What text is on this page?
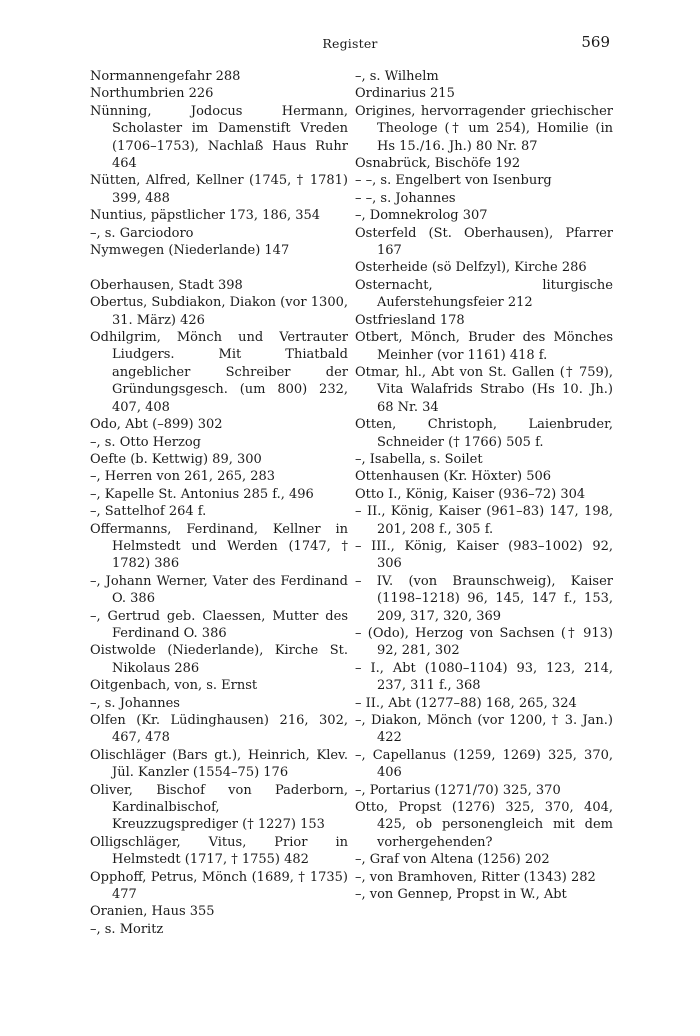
Register	569

Normannengefahr 288

Northumbrien 226

Nünning, Jodocus Hermann, Scholaster im Damenstift Vreden (1706–1753), Nachlaß Haus Ruhr 464

Nütten, Alfred, Kellner (1745, † 1781) 399, 488

Nuntius, päpstlicher 173, 186, 354

–, s. Garciodoro

Nymwegen (Niederlande) 147

Oberhausen, Stadt 398

Obertus, Subdiakon, Diakon (vor 1300, 31. März) 426

Odhilgrim, Mönch und Vertrauter Liudgers. Mit Thiatbald angeblicher Schreiber der Gründungsgesch. (um 800) 232, 407, 408

Odo, Abt (–899) 302

–, s. Otto Herzog

Oefte (b. Kettwig) 89, 300

–, Herren von 261, 265, 283

–, Kapelle St. Antonius 285 f., 496

–, Sattelhof 264 f.

Offermanns, Ferdinand, Kellner in Helmstedt und Werden (1747, † 1782) 386

–, Johann Werner, Vater des Ferdinand O. 386

–, Gertrud geb. Claessen, Mutter des Ferdinand O. 386

Oistwolde (Niederlande), Kirche St. Nikolaus 286

Oitgenbach, von, s. Ernst

–, s. Johannes

Olfen (Kr. Lüdinghausen) 216, 302, 467, 478

Olischläger (Bars gt.), Heinrich, Klev. Jül. Kanzler (1554–75) 176

Oliver, Bischof von Paderborn, Kardinalbischof, Kreuzzugsprediger († 1227) 153

Olligschläger, Vitus, Prior in Helmstedt (1717, † 1755) 482

Opphoff, Petrus, Mönch (1689, † 1735) 477

Oranien, Haus 355

–, s. Moritz

–, s. Wilhelm

Ordinarius 215

Origines, hervorragender griechischer Theologe († um 254), Homilie (in Hs 15./16. Jh.) 80 Nr. 87

Osnabrück, Bischöfe 192

– –, s. Engelbert von Isenburg

– –, s. Johannes

–, Domnekrolog 307

Osterfeld (St. Oberhausen), Pfarrer 167

Osterheide (sö Delfzyl), Kirche 286

Osternacht, liturgische Auferstehungsfeier 212

Ostfriesland 178

Otbert, Mönch, Bruder des Mönches Meinher (vor 1161) 418 f.

Otmar, hl., Abt von St. Gallen († 759), Vita Walafrids Strabo (Hs 10. Jh.) 68 Nr. 34

Otten, Christoph, Laienbruder, Schneider († 1766) 505 f.

–, Isabella, s. Soilet

Ottenhausen (Kr. Höxter) 506

Otto I., König, Kaiser (936–72) 304

– II., König, Kaiser (961–83) 147, 198, 201, 208 f., 305 f.

– III., König, Kaiser (983–1002) 92, 306

– IV. (von Braunschweig), Kaiser (1198–1218) 96, 145, 147 f., 153, 209, 317, 320, 369

– (Odo), Herzog von Sachsen († 913) 92, 281, 302

– I., Abt (1080–1104) 93, 123, 214, 237, 311 f., 368

– II., Abt (1277–88) 168, 265, 324

–, Diakon, Mönch (vor 1200, † 3. Jan.) 422

–, Capellanus (1259, 1269) 325, 370, 406

–, Portarius (1271/70) 325, 370

Otto, Propst (1276) 325, 370, 404, 425, ob personengleich mit dem vorhergehenden?

–, Graf von Altena (1256) 202

–, von Bramhoven, Ritter (1343) 282

–, von Gennep, Propst in W., Abt
